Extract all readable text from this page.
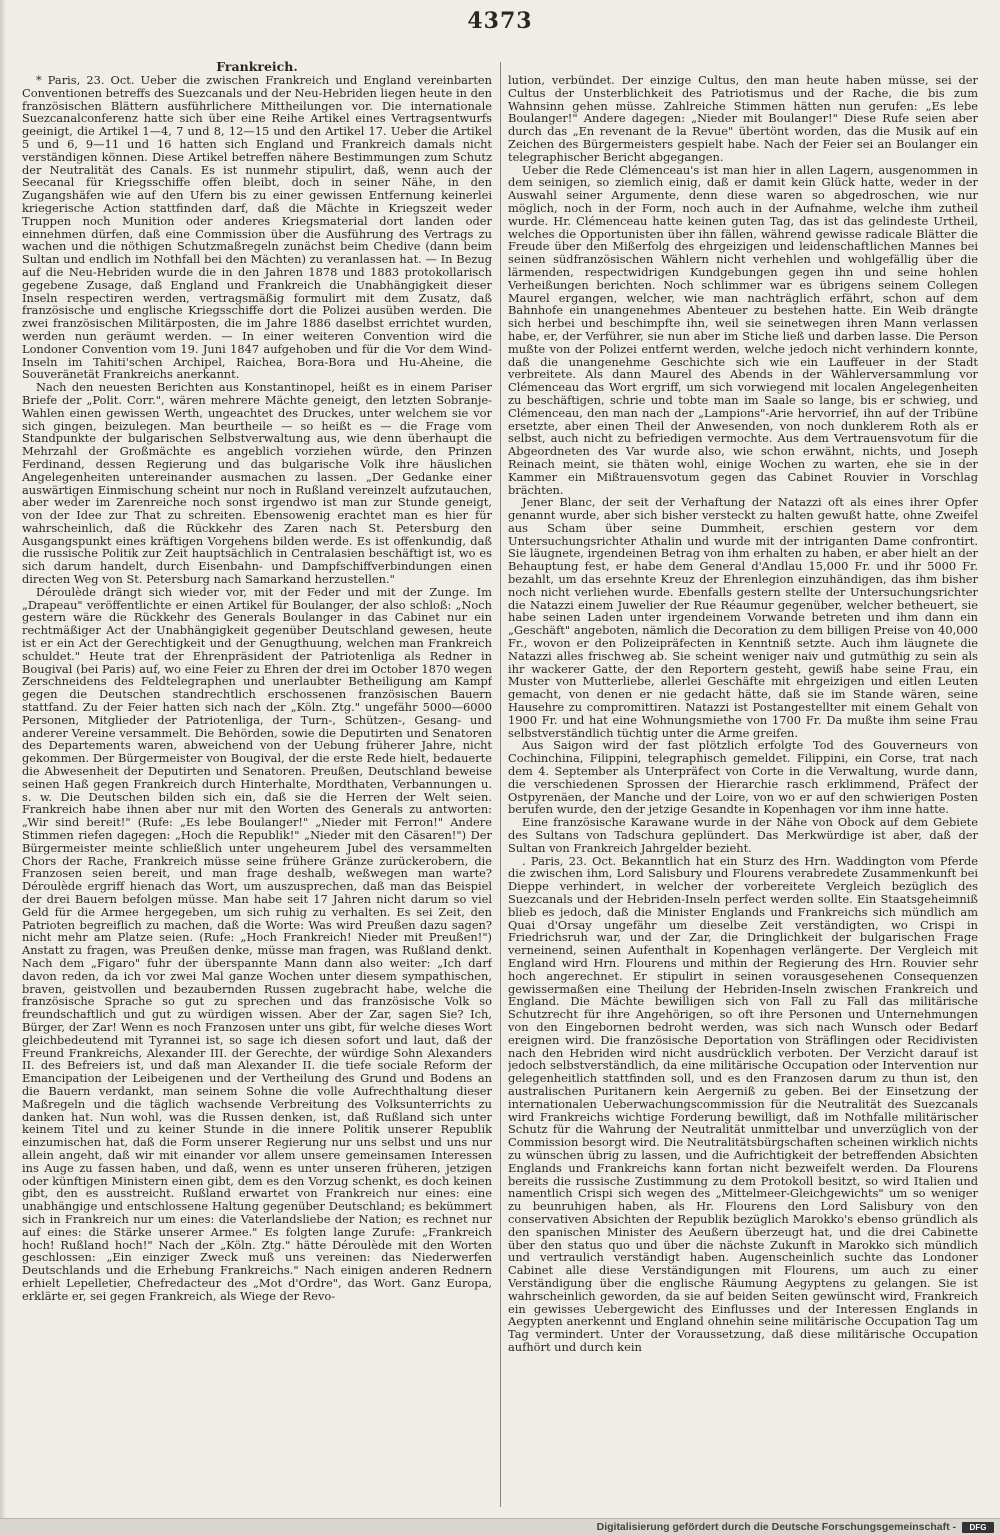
4373

Frankreich.

* Paris, 23. Oct. Ueber die zwischen Frankreich und England vereinbarten Conventionen betreffs des Suezcanals und der Neu-Hebriden liegen heute in den französischen Blättern ausführlichere Mittheilungen vor. Die internationale Suezcanalconferenz hatte sich über eine Reihe Artikel eines Vertragsentwurfs geeinigt, die Artikel 1—4, 7 und 8, 12—15 und den Artikel 17. Ueber die Artikel 5 und 6, 9—11 und 16 hatten sich England und Frankreich damals nicht verständigen können. Diese Artikel betreffen nähere Bestimmungen zum Schutz der Neutralität des Canals. Es ist nunmehr stipulirt, daß, wenn auch der Seecanal für Kriegsschiffe offen bleibt, doch in seiner Nähe, in den Zugangshäfen wie auf den Ufern bis zu einer gewissen Entfernung keinerlei kriegerische Action stattfinden darf, daß die Mächte in Kriegszeit weder Truppen noch Munition oder anderes Kriegsmaterial dort landen oder einnehmen dürfen, daß eine Commission über die Ausführung des Vertrags zu wachen und die nöthigen Schutzmaßregeln zunächst beim Chedive (dann beim Sultan und endlich im Nothfall bei den Mächten) zu veranlassen hat. — In Bezug auf die Neu-Hebriden wurde die in den Jahren 1878 und 1883 protokollarisch gegebene Zusage, daß England und Frankreich die Unabhängigkeit dieser Inseln respectiren werden, vertragsmäßig formulirt mit dem Zusatz, daß französische und englische Kriegsschiffe dort die Polizei ausüben werden. Die zwei französischen Militärposten, die im Jahre 1886 daselbst errichtet wurden, werden nun geräumt werden. — In einer weiteren Convention wird die Londoner Convention vom 19. Juni 1847 aufgehoben und für die Vor dem Wind-Inseln im Tahiti'schen Archipel, Raichea, Bora-Bora und Hu-Aheine, die Souveränetät Frankreichs anerkannt.

Nach den neuesten Berichten aus Konstantinopel, heißt es in einem Pariser Briefe der „Polit. Corr.", wären mehrere Mächte geneigt, den letzten Sobranje-Wahlen einen gewissen Werth, ungeachtet des Druckes, unter welchem sie vor sich gingen, beizulegen. Man beurtheile — so heißt es — die Frage vom Standpunkte der bulgarischen Selbstverwaltung aus, wie denn überhaupt die Mehrzahl der Großmächte es angeblich vorziehen würde, den Prinzen Ferdinand, dessen Regierung und das bulgarische Volk ihre häuslichen Angelegenheiten untereinander ausmachen zu lassen. „Der Gedanke einer auswärtigen Einmischung scheint nur noch in Rußland vereinzelt aufzutauchen, aber weder im Zarenreiche noch sonst irgendwo ist man zur Stunde geneigt, von der Idee zur That zu schreiten. Ebensowenig erachtet man es hier für wahrscheinlich, daß die Rückkehr des Zaren nach St. Petersburg den Ausgangspunkt eines kräftigen Vorgehens bilden werde. Es ist offenkundig, daß die russische Politik zur Zeit hauptsächlich in Centralasien beschäftigt ist, wo es sich darum handelt, durch Eisenbahn- und Dampfschiffverbindungen einen directen Weg von St. Petersburg nach Samarkand herzustellen."

Déroulède drängt sich wieder vor, mit der Feder und mit der Zunge. Im „Drapeau" veröffentlichte er einen Artikel für Boulanger, der also schloß: „Noch gestern wäre die Rückkehr des Generals Boulanger in das Cabinet nur ein rechtmäßiger Act der Unabhängigkeit gegenüber Deutschland gewesen, heute ist er ein Act der Gerechtigkeit und der Genugthuung, welchen man Frankreich schuldet." Heute trat der Ehrenpräsident der Patriotenliga als Redner in Bougival (bei Paris) auf, wo eine Feier zu Ehren der drei im October 1870 wegen Zerschneidens des Feldtelegraphen und unerlaubter Betheiligung am Kampf gegen die Deutschen standrechtlich erschossenen französischen Bauern stattfand. Zu der Feier hatten sich nach der „Köln. Ztg." ungefähr 5000—6000 Personen, Mitglieder der Patriotenliga, der Turn-, Schützen-, Gesang- und anderer Vereine versammelt. Die Behörden, sowie die Deputirten und Senatoren des Departements waren, abweichend von der Uebung früherer Jahre, nicht gekommen. Der Bürgermeister von Bougival, der die erste Rede hielt, bedauerte die Abwesenheit der Deputirten und Senatoren. Preußen, Deutschland beweise seinen Haß gegen Frankreich durch Hinterhalte, Mordthaten, Verbannungen u. s. w. Die Deutschen bilden sich ein, daß sie die Herren der Welt seien. Frankreich habe ihnen aber nur mit den Worten des Generals zu antworten: „Wir sind bereit!" (Rufe: „Es lebe Boulanger!" „Nieder mit Ferron!" Andere Stimmen riefen dagegen: „Hoch die Republik!" „Nieder mit den Cäsaren!") Der Bürgermeister meinte schließlich unter ungeheurem Jubel des versammelten Chors der Rache, Frankreich müsse seine frühere Gränze zurückerobern, die Franzosen seien bereit, und man frage deshalb, weßwegen man warte? Déroulède ergriff hienach das Wort, um auszusprechen, daß man das Beispiel der drei Bauern befolgen müsse. Man habe seit 17 Jahren nicht darum so viel Geld für die Armee hergegeben, um sich ruhig zu verhalten. Es sei Zeit, den Patrioten begreiflich zu machen, daß die Worte: Was wird Preußen dazu sagen? nicht mehr am Platze seien. (Rufe: „Hoch Frankreich! Nieder mit Preußen!") Anstatt zu fragen, was Preußen denke, müsse man fragen, was Rußland denkt. Nach dem „Figaro" fuhr der überspannte Mann dann also weiter: „Ich darf davon reden, da ich vor zwei Mal ganze Wochen unter diesem sympathischen, braven, geistvollen und bezaubernden Russen zugebracht habe, welche die französische Sprache so gut zu sprechen und das französische Volk so freundschaftlich und gut zu würdigen wissen. Aber der Zar, sagen Sie? Ich, Bürger, der Zar! Wenn es noch Franzosen unter uns gibt, für welche dieses Wort gleichbedeutend mit Tyrannei ist, so sage ich diesen sofort und laut, daß der Freund Frankreichs, Alexander III. der Gerechte, der würdige Sohn Alexanders II. des Befreiers ist, und daß man Alexander II. die tiefe sociale Reform der Emancipation der Leibeigenen und der Vertheilung des Grund und Bodens an die Bauern verdankt, man seinem Sohne die volle Aufrechthaltung dieser Maßregeln und die täglich wachsende Verbreitung des Volksunterrichts zu danken hat. Nun wohl, was die Russen denken, ist, daß Rußland sich unter keinem Titel und zu keiner Stunde in die innere Politik unserer Republik einzumischen hat, daß die Form unserer Regierung nur uns selbst und uns nur allein angeht, daß wir mit einander vor allem unsere gemeinsamen Interessen ins Auge zu fassen haben, und daß, wenn es unter unseren früheren, jetzigen oder künftigen Ministern einen gibt, dem es den Vorzug schenkt, es doch keinen gibt, den es ausstreicht. Rußland erwartet von Frankreich nur eines: eine unabhängige und entschlossene Haltung gegenüber Deutschland; es bekümmert sich in Frankreich nur um eines: die Vaterlandsliebe der Nation; es rechnet nur auf eines: die Stärke unserer Armee." Es folgten lange Zurufe: „Frankreich hoch! Rußland hoch!" Nach der „Köln. Ztg." hätte Déroulède mit den Worten geschlossen: „Ein einziger Zweck muß uns vereinen: das Niederwerfen Deutschlands und die Erhebung Frankreichs." Nach einigen anderen Rednern erhielt Lepelletier, Chefredacteur des „Mot d'Ordre", das Wort. Ganz Europa, erklärte er, sei gegen Frankreich, als Wiege der Revo-

lution, verbündet. Der einzige Cultus, den man heute haben müsse, sei der Cultus der Unsterblichkeit des Patriotismus und der Rache, die bis zum Wahnsinn gehen müsse. Zahlreiche Stimmen hätten nun gerufen: „Es lebe Boulanger!" Andere dagegen: „Nieder mit Boulanger!" Diese Rufe seien aber durch das „En revenant de la Revue" übertönt worden, das die Musik auf ein Zeichen des Bürgermeisters gespielt habe. Nach der Feier sei an Boulanger ein telegraphischer Bericht abgegangen.

Ueber die Rede Clémenceau's ist man hier in allen Lagern, ausgenommen in dem seinigen, so ziemlich einig, daß er damit kein Glück hatte, weder in der Auswahl seiner Argumente, denn diese waren so abgedroschen, wie nur möglich, noch in der Form, noch auch in der Aufnahme, welche ihm zutheil wurde. Hr. Clémenceau hatte keinen guten Tag, das ist das gelindeste Urtheil, welches die Opportunisten über ihn fällen, während gewisse radicale Blätter die Freude über den Mißerfolg des ehrgeizigen und leidenschaftlichen Mannes bei seinen südfranzösischen Wählern nicht verhehlen und wohlgefällig über die lärmenden, respectwidrigen Kundgebungen gegen ihn und seine hohlen Verheißungen berichten. Noch schlimmer war es übrigens seinem Collegen Maurel ergangen, welcher, wie man nachträglich erfährt, schon auf dem Bahnhofe ein unangenehmes Abenteuer zu bestehen hatte. Ein Weib drängte sich herbei und beschimpfte ihn, weil sie seinetwegen ihren Mann verlassen habe, er, der Verführer, sie nun aber im Stiche ließ und darben lasse. Die Person mußte von der Polizei entfernt werden, welche jedoch nicht verhindern konnte, daß die unangenehme Geschichte sich wie ein Lauffeuer in der Stadt verbreitete. Als dann Maurel des Abends in der Wählerversammlung vor Clémenceau das Wort ergriff, um sich vorwiegend mit localen Angelegenheiten zu beschäftigen, schrie und tobte man im Saale so lange, bis er schwieg, und Clémenceau, den man nach der „Lampions"-Arie hervorrief, ihn auf der Tribüne ersetzte, aber einen Theil der Anwesenden, von noch dunklerem Roth als er selbst, auch nicht zu befriedigen vermochte. Aus dem Vertrauensvotum für die Abgeordneten des Var wurde also, wie schon erwähnt, nichts, und Joseph Reinach meint, sie thäten wohl, einige Wochen zu warten, ehe sie in der Kammer ein Mißtrauensvotum gegen das Cabinet Rouvier in Vorschlag brächten.

Jener Blanc, der seit der Verhaftung der Natazzi oft als eines ihrer Opfer genannt wurde, aber sich bisher versteckt zu halten gewußt hatte, ohne Zweifel aus Scham über seine Dummheit, erschien gestern vor dem Untersuchungsrichter Athalin und wurde mit der intriganten Dame confrontirt. Sie läugnete, irgendeinen Betrag von ihm erhalten zu haben, er aber hielt an der Behauptung fest, er habe dem General d'Andlau 15,000 Fr. und ihr 5000 Fr. bezahlt, um das ersehnte Kreuz der Ehrenlegion einzuhändigen, das ihm bisher noch nicht verliehen wurde. Ebenfalls gestern stellte der Untersuchungsrichter die Natazzi einem Juwelier der Rue Réaumur gegenüber, welcher betheuert, sie habe seinen Laden unter irgendeinem Vorwande betreten und ihm dann ein „Geschäft" angeboten, nämlich die Decoration zu dem billigen Preise von 40,000 Fr., wovon er den Polizeipräfecten in Kenntniß setzte. Auch ihm läugnete die Natazzi alles frischweg ab. Sie scheint weniger naiv und gutmüthig zu sein als ihr wackerer Gatte, der den Reportern gesteht, gewiß habe seine Frau, ein Muster von Mutterliebe, allerlei Geschäfte mit ehrgeizigen und eitlen Leuten gemacht, von denen er nie gedacht hätte, daß sie im Stande wären, seine Hausehre zu compromittiren. Natazzi ist Postangestellter mit einem Gehalt von 1900 Fr. und hat eine Wohnungsmiethe von 1700 Fr. Da mußte ihm seine Frau selbstverständlich tüchtig unter die Arme greifen.

Aus Saigon wird der fast plötzlich erfolgte Tod des Gouverneurs von Cochinchina, Filippini, telegraphisch gemeldet. Filippini, ein Corse, trat nach dem 4. September als Unterpräfect von Corte in die Verwaltung, wurde dann, die verschiedenen Sprossen der Hierarchie rasch erklimmend, Präfect der Ostpyrenäen, der Manche und der Loire, von wo er auf den schwierigen Posten berufen wurde, den der jetzige Gesandte in Kopenhagen vor ihm inne hatte.

Eine französische Karawane wurde in der Nähe von Obock auf dem Gebiete des Sultans von Tadschura geplündert. Das Merkwürdige ist aber, daß der Sultan von Frankreich Jahrgelder bezieht.

. Paris, 23. Oct. Bekanntlich hat ein Sturz des Hrn. Waddington vom Pferde die zwischen ihm, Lord Salisbury und Flourens verabredete Zusammenkunft bei Dieppe verhindert, in welcher der vorbereitete Vergleich bezüglich des Suezcanals und der Hebriden-Inseln perfect werden sollte. Ein Staatsgeheimniß blieb es jedoch, daß die Minister Englands und Frankreichs sich mündlich am Quai d'Orsay ungefähr um dieselbe Zeit verständigten, wo Crispi in Friedrichsruh war, und der Zar, die Dringlichkeit der bulgarischen Frage verneinend, seinen Aufenthalt in Kopenhagen verlängerte. Der Vergleich mit England wird Hrn. Flourens und mithin der Regierung des Hrn. Rouvier sehr hoch angerechnet. Er stipulirt in seinen vorausgesehenen Consequenzen gewissermaßen eine Theilung der Hebriden-Inseln zwischen Frankreich und England. Die Mächte bewilligen sich von Fall zu Fall das militärische Schutzrecht für ihre Angehörigen, so oft ihre Personen und Unternehmungen von den Eingebornen bedroht werden, was sich nach Wunsch oder Bedarf ereignen wird. Die französische Deportation von Sträflingen oder Recidivisten nach den Hebriden wird nicht ausdrücklich verboten. Der Verzicht darauf ist jedoch selbstverständlich, da eine militärische Occupation oder Intervention nur gelegenheitlich stattfinden soll, und es den Franzosen darum zu thun ist, den australischen Puritanern kein Aergerniß zu geben. Bei der Einsetzung der internationalen Ueberwachungscommission für die Neutralität des Suezcanals wird Frankreichs wichtige Forderung bewilligt, daß im Nothfalle militärischer Schutz für die Wahrung der Neutralität unmittelbar und unverzüglich von der Commission besorgt wird. Die Neutralitätsbürgschaften scheinen wirklich nichts zu wünschen übrig zu lassen, und die Aufrichtigkeit der betreffenden Absichten Englands und Frankreichs kann fortan nicht bezweifelt werden. Da Flourens bereits die russische Zustimmung zu dem Protokoll besitzt, so wird Italien und namentlich Crispi sich wegen des „Mittelmeer-Gleichgewichts" um so weniger zu beunruhigen haben, als Hr. Flourens den Lord Salisbury von den conservativen Absichten der Republik bezüglich Marokko's ebenso gründlich als den spanischen Minister des Aeußern überzeugt hat, und die drei Cabinette über den status quo und über die nächste Zukunft in Marokko sich mündlich und vertraulich verständigt haben. Augenscheinlich suchte das Londoner Cabinet alle diese Verständigungen mit Flourens, um auch zu einer Verständigung über die englische Räumung Aegyptens zu gelangen. Sie ist wahrscheinlich geworden, da sie auf beiden Seiten gewünscht wird, Frankreich ein gewisses Uebergewicht des Einflusses und der Interessen Englands in Aegypten anerkennt und England ohnehin seine militärische Occupation Tag um Tag vermindert. Unter der Voraussetzung, daß diese militärische Occupation aufhört und durch kein

Digitalisierung gefördert durch die Deutsche Forschungsgemeinschaft -	DFG
